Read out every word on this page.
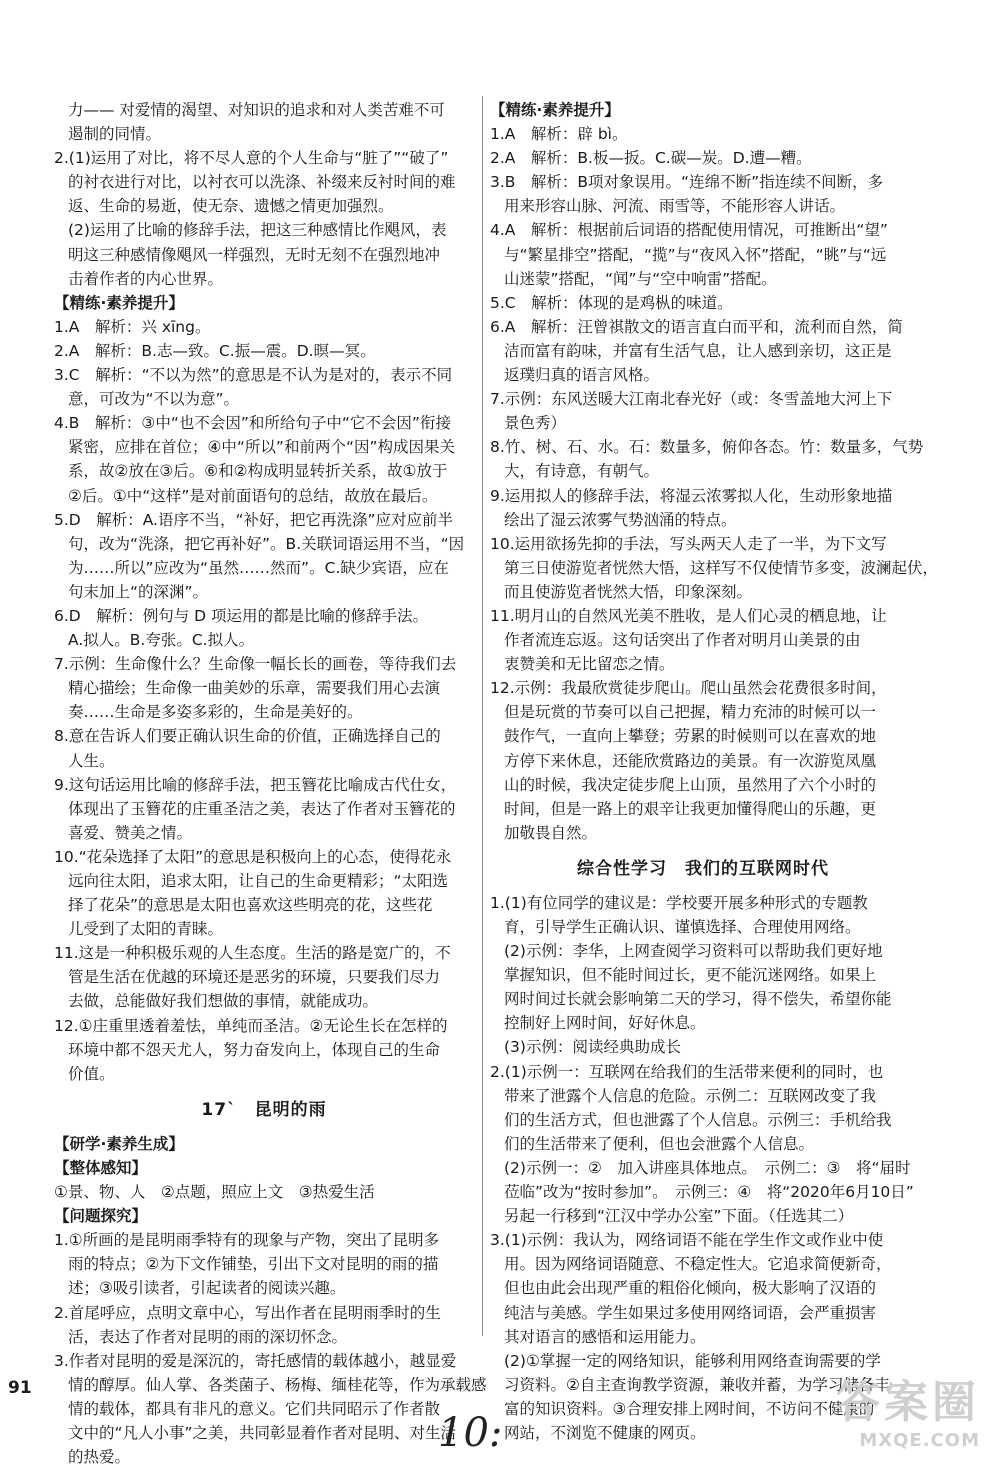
力—— 对爱情的渴望、对知识的追求和对人类苦难不可
遏制的同情。
2.(1)运用了对比，将不尽人意的个人生命与“脏了”“破了”
的衬衣进行对比，以衬衣可以洗涤、补缀来反衬时间的难
返、生命的易逝，使无奈、遗憾之情更加强烈。
(2)运用了比喻的修辞手法，把这三种感情比作飓风，表
明这三种感情像飓风一样强烈，无时无刻不在强烈地冲
击着作者的内心世界。
【精练·素养提升】
1.A　解析：兴 xīng。
2.A　解析：B.志—致。C.振—震。D.暝—冥。
3.C　解析：“不以为然”的意思是不认为是对的，表示不同
意，可改为“不以为意”。
4.B　解析：③中“也不会因”和所给句子中“它不会因”衔接
紧密，应排在首位；④中“所以”和前两个“因”构成因果关
系，故②放在③后。⑥和②构成明显转折关系，故①放于
②后。①中“这样”是对前面语句的总结，故放在最后。
5.D　解析：A.语序不当，“补好，把它再洗涤”应对应前半
句，改为“洗涤，把它再补好”。B.关联词语运用不当，“因
为……所以”应改为“虽然……然而”。C.缺少宾语，应在
句末加上“的深渊”。
6.D　解析：例句与 D 项运用的都是比喻的修辞手法。
A.拟人。B.夸张。C.拟人。
7.示例：生命像什么？生命像一幅长长的画卷，等待我们去
精心描绘；生命像一曲美妙的乐章，需要我们用心去演
奏……生命是多姿多彩的，生命是美好的。
8.意在告诉人们要正确认识生命的价值，正确选择自己的
人生。
9.这句话运用比喻的修辞手法，把玉簪花比喻成古代仕女，
体现出了玉簪花的庄重圣洁之美，表达了作者对玉簪花的
喜爱、赞美之情。
10.“花朵选择了太阳”的意思是积极向上的心态，使得花永
远向往太阳，追求太阳，让自己的生命更精彩；“太阳选
择了花朵”的意思是太阳也喜欢这些明亮的花，这些花
儿受到了太阳的青睐。
11.这是一种积极乐观的人生态度。生活的路是宽广的，不
管是生活在优越的环境还是恶劣的环境，只要我们尽力
去做，总能做好我们想做的事情，就能成功。
12.①庄重里透着羞怯，单纯而圣洁。②无论生长在怎样的
环境中都不怨天尤人，努力奋发向上，体现自己的生命
价值。
17`　昆明的雨
【研学·素养生成】
【整体感知】
①景、物、人　②点题，照应上文　③热爱生活
【问题探究】
1.①所画的是昆明雨季特有的现象与产物，突出了昆明多
雨的特点；②为下文作铺垫，引出下文对昆明的雨的描
述；③吸引读者，引起读者的阅读兴趣。
2.首尾呼应，点明文章中心，写出作者在昆明雨季时的生
活，表达了作者对昆明的雨的深切怀念。
3.作者对昆明的爱是深沉的，寄托感情的载体越小，越显爱
情的醇厚。仙人掌、各类菌子、杨梅、缅桂花等，作为承载感
情的载体，都具有非凡的意义。它们共同昭示了作者散
文中的“凡人小事”之美，共同彰显着作者对昆明、对生活
的热爱。
【精练·素养提升】
1.A　解析：辟 bì。
2.A　解析：B.板—扳。C.碳—炭。D.遭—糟。
3.B　解析：B项对象误用。“连绵不断”指连续不间断，多
用来形容山脉、河流、雨雪等，不能形容人讲话。
4.A　解析：根据前后词语的搭配使用情况，可推断出“望”
与“繁星排空”搭配，“揽”与“夜风入怀”搭配，“眺”与“远
山迷蒙”搭配，“闻”与“空中响雷”搭配。
5.C　解析：体现的是鸡枞的味道。
6.A　解析：汪曾祺散文的语言直白而平和，流利而自然，简
洁而富有韵味，并富有生活气息，让人感到亲切，这正是
返璞归真的语言风格。
7.示例：东风送暖大江南北春光好（或：冬雪盖地大河上下
景色秀）
8.竹、树、石、水。石：数量多，俯仰各态。竹：数量多，气势
大，有诗意，有朝气。
9.运用拟人的修辞手法，将湿云浓雾拟人化，生动形象地描
绘出了湿云浓雾气势汹涌的特点。
10.运用欲扬先抑的手法，写头两天人走了一半，为下文写
第三日使游览者恍然大悟，这样写不仅使情节多变，波澜起伏，
而且使游览者恍然大悟，印象深刻。
11.明月山的自然风光美不胜收，是人们心灵的栖息地，让
作者流连忘返。这句话突出了作者对明月山美景的由
衷赞美和无比留恋之情。
12.示例：我最欣赏徒步爬山。爬山虽然会花费很多时间，
但是玩赏的节奏可以自己把握，精力充沛的时候可以一
鼓作气，一直向上攀登；劳累的时候则可以在喜欢的地
方停下来休息，还能欣赏路边的美景。有一次游览凤凰
山的时候，我决定徒步爬上山顶，虽然用了六个小时的
时间，但是一路上的艰辛让我更加懂得爬山的乐趣，更
加敬畏自然。
综合性学习　我们的互联网时代
1.(1)有位同学的建议是：学校要开展多种形式的专题教
育，引导学生正确认识、谨慎选择、合理使用网络。
(2)示例：李华，上网查阅学习资料可以帮助我们更好地
掌握知识，但不能时间过长，更不能沉迷网络。如果上
网时间过长就会影响第二天的学习，得不偿失，希望你能
控制好上网时间，好好休息。
(3)示例：阅读经典助成长
2.(1)示例一：互联网在给我们的生活带来便利的同时，也
带来了泄露个人信息的危险。示例二：互联网改变了我
们的生活方式，但也泄露了个人信息。示例三：手机给我
们的生活带来了便利，但也会泄露个人信息。
(2)示例一：②　加入讲座具体地点。　示例二：③　将“届时
莅临”改为“按时参加”。　示例三：④　将“2020年6月10日”
另起一行移到“江汉中学办公室”下面。（任选其二）
3.(1)示例：我认为，网络词语不能在学生作文或作业中使
用。因为网络词语随意、不稳定性大。它追求简便新奇，
但也由此会出现严重的粗俗化倾向，极大影响了汉语的
纯洁与美感。学生如果过多使用网络词语，会严重损害
其对语言的感悟和运用能力。
(2)①掌握一定的网络知识，能够利用网络查询需要的学
习资料。②自主查询教学资源，兼收并蓄，为学习储备丰
富的知识资料。③合理安排上网时间，不访问不健康的
网站，不浏览不健康的网页。
91
10:
答案圈
MXQE.COM
